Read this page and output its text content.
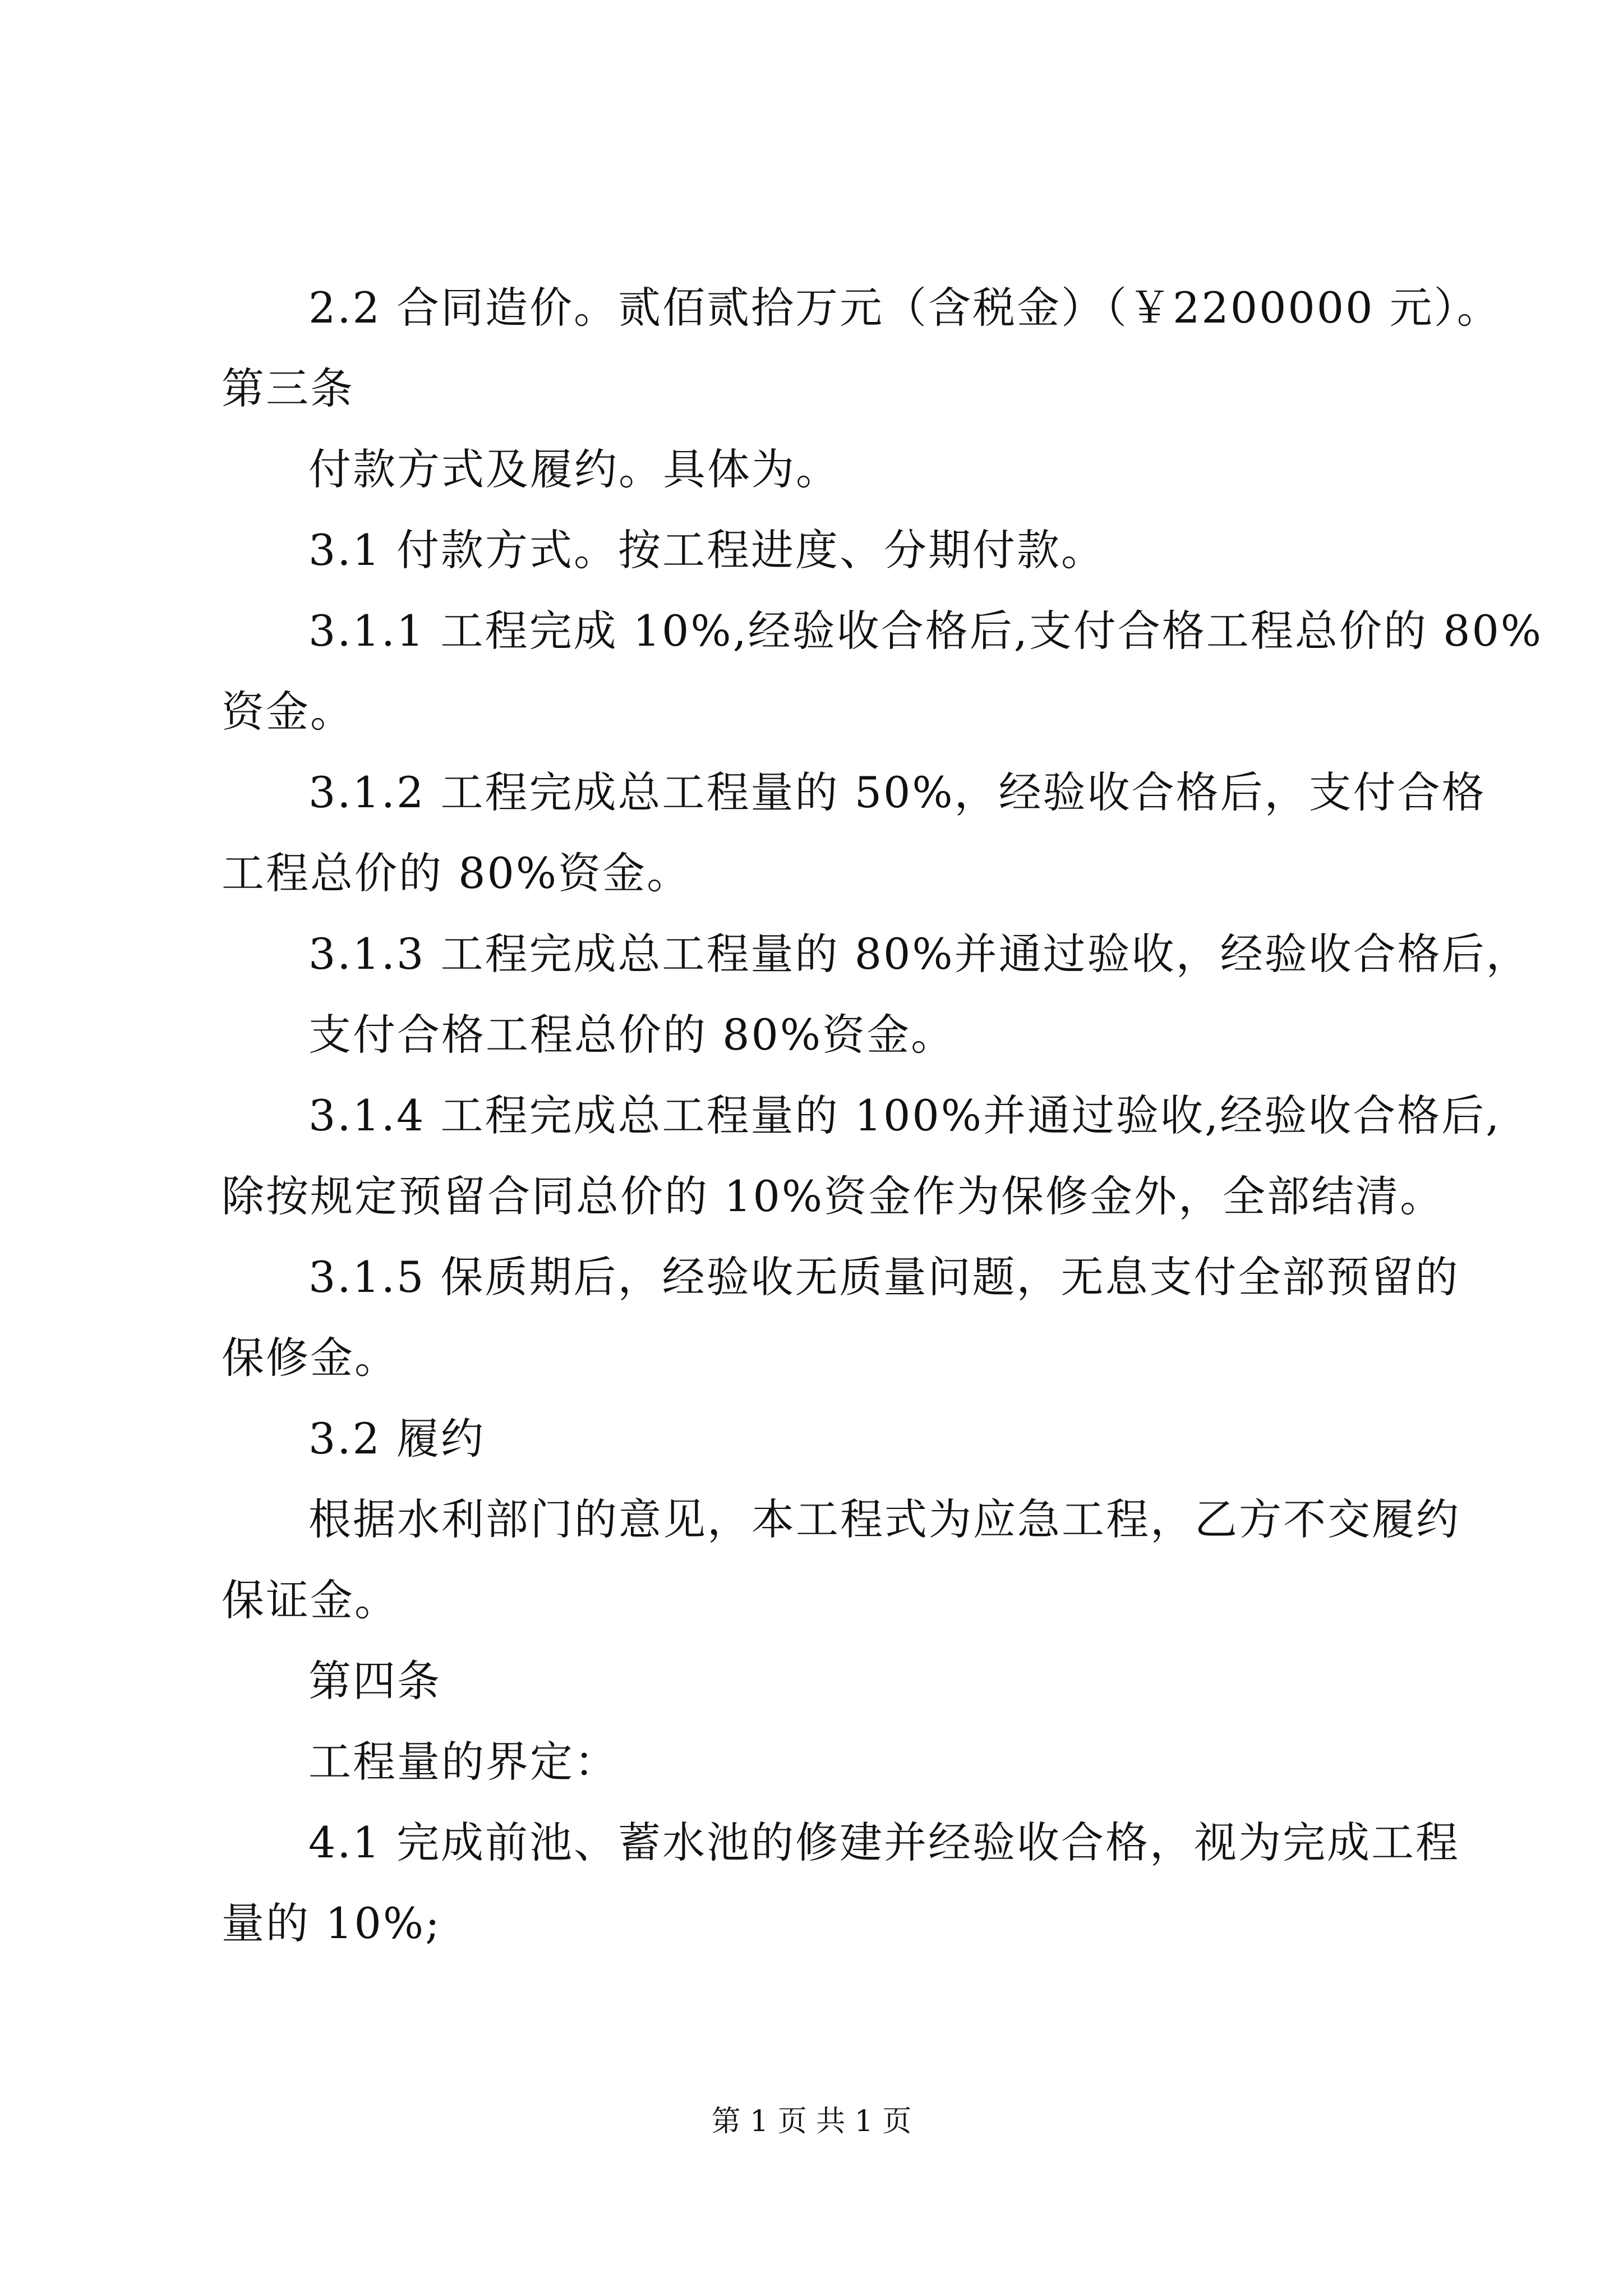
2.2 合同造价。贰佰贰拾万元（含税金）（￥2200000 元）。
第三条
付款方式及履约。具体为。
3.1 付款方式。按工程进度、分期付款。
3.1.1 工程完成 10%,经验收合格后,支付合格工程总价的 80%
资金。
3.1.2 工程完成总工程量的 50%，经验收合格后，支付合格
工程总价的 80%资金。
3.1.3 工程完成总工程量的 80%并通过验收，经验收合格后，
支付合格工程总价的 80%资金。
3.1.4 工程完成总工程量的 100%并通过验收,经验收合格后,
除按规定预留合同总价的 10%资金作为保修金外，全部结清。
3.1.5 保质期后，经验收无质量问题，无息支付全部预留的
保修金。
3.2 履约
根据水利部门的意见，本工程式为应急工程，乙方不交履约
保证金。
第四条
工程量的界定：
4.1 完成前池、蓄水池的修建并经验收合格，视为完成工程
量的 10%;
第 1 页 共 1 页
